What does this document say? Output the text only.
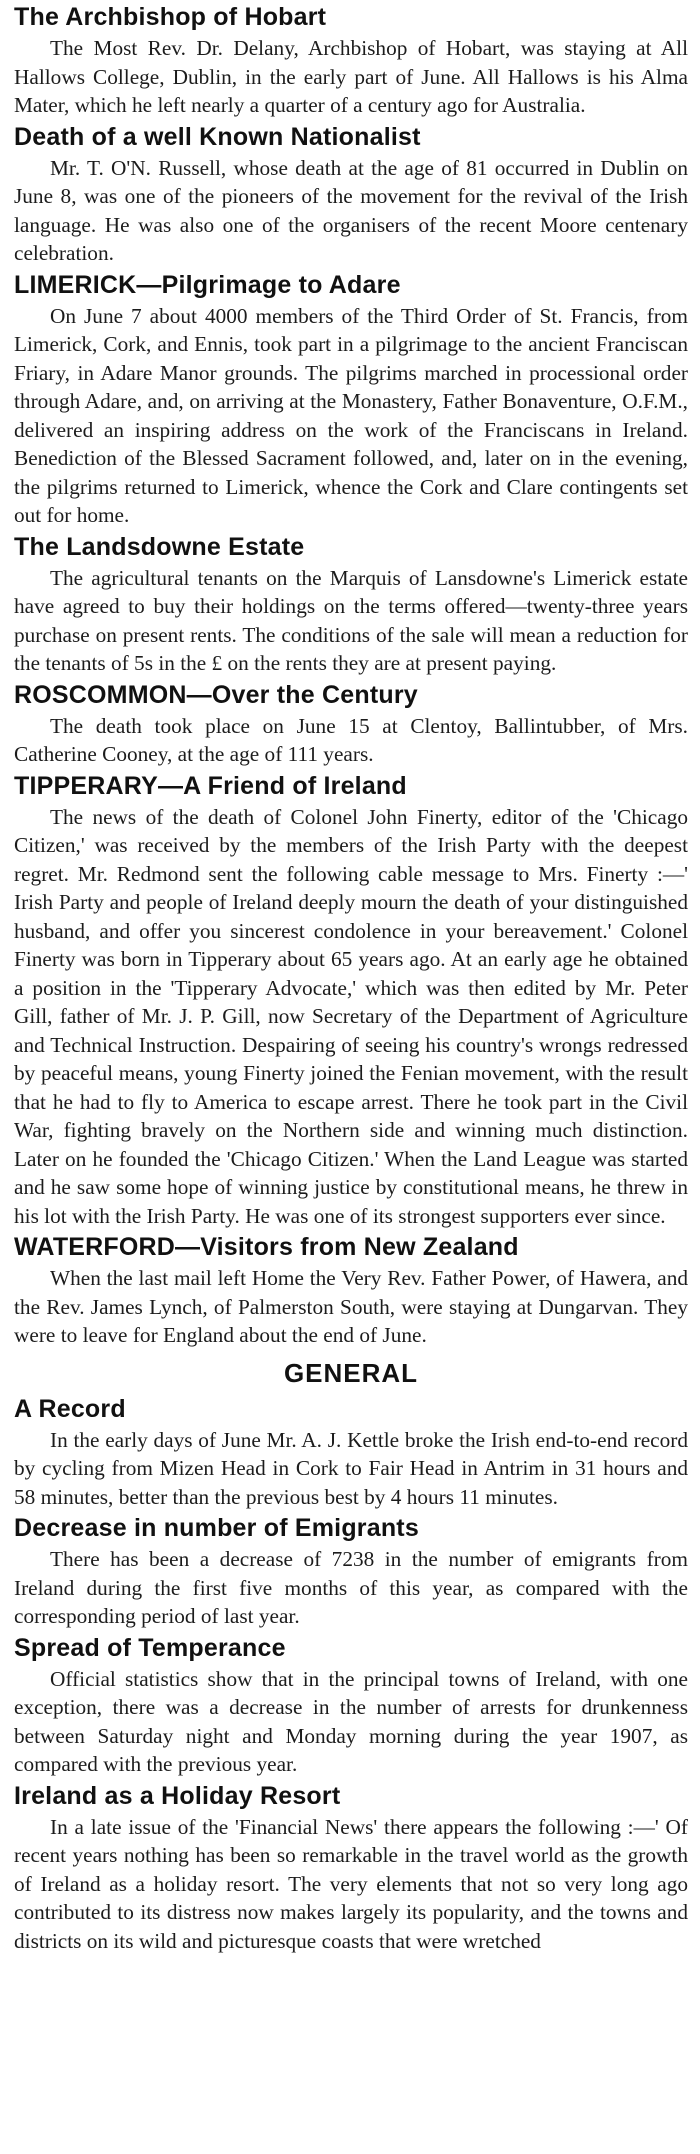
The Archbishop of Hobart

The Most Rev. Dr. Delany, Archbishop of Hobart, was staying at All Hallows College, Dublin, in the early part of June. All Hallows is his Alma Mater, which he left nearly a quarter of a century ago for Australia.

Death of a well Known Nationalist

Mr. T. O'N. Russell, whose death at the age of 81 occurred in Dublin on June 8, was one of the pioneers of the movement for the revival of the Irish language. He was also one of the organisers of the recent Moore centenary celebration.

LIMERICK—Pilgrimage to Adare

On June 7 about 4000 members of the Third Order of St. Francis, from Limerick, Cork, and Ennis, took part in a pilgrimage to the ancient Franciscan Friary, in Adare Manor grounds. The pilgrims marched in processional order through Adare, and, on arriving at the Monastery, Father Bonaventure, O.F.M., delivered an inspiring address on the work of the Franciscans in Ireland. Benediction of the Blessed Sacrament followed, and, later on in the evening, the pilgrims returned to Limerick, whence the Cork and Clare contingents set out for home.

The Landsdowne Estate

The agricultural tenants on the Marquis of Lansdowne's Limerick estate have agreed to buy their holdings on the terms offered—twenty-three years purchase on present rents. The conditions of the sale will mean a reduction for the tenants of 5s in the £ on the rents they are at present paying.

ROSCOMMON—Over the Century

The death took place on June 15 at Clentoy, Ballintubber, of Mrs. Catherine Cooney, at the age of 111 years.

TIPPERARY—A Friend of Ireland

The news of the death of Colonel John Finerty, editor of the 'Chicago Citizen,' was received by the members of the Irish Party with the deepest regret. Mr. Redmond sent the following cable message to Mrs. Finerty :—' Irish Party and people of Ireland deeply mourn the death of your distinguished husband, and offer you sincerest condolence in your bereavement.' Colonel Finerty was born in Tipperary about 65 years ago. At an early age he obtained a position in the 'Tipperary Advocate,' which was then edited by Mr. Peter Gill, father of Mr. J. P. Gill, now Secretary of the Department of Agriculture and Technical Instruction. Despairing of seeing his country's wrongs redressed by peaceful means, young Finerty joined the Fenian movement, with the result that he had to fly to America to escape arrest. There he took part in the Civil War, fighting bravely on the Northern side and winning much distinction. Later on he founded the 'Chicago Citizen.' When the Land League was started and he saw some hope of winning justice by constitutional means, he threw in his lot with the Irish Party. He was one of its strongest supporters ever since.

WATERFORD—Visitors from New Zealand

When the last mail left Home the Very Rev. Father Power, of Hawera, and the Rev. James Lynch, of Palmerston South, were staying at Dungarvan. They were to leave for England about the end of June.

GENERAL
A Record

In the early days of June Mr. A. J. Kettle broke the Irish end-to-end record by cycling from Mizen Head in Cork to Fair Head in Antrim in 31 hours and 58 minutes, better than the previous best by 4 hours 11 minutes.

Decrease in number of Emigrants

There has been a decrease of 7238 in the number of emigrants from Ireland during the first five months of this year, as compared with the corresponding period of last year.

Spread of Temperance

Official statistics show that in the principal towns of Ireland, with one exception, there was a decrease in the number of arrests for drunkenness between Saturday night and Monday morning during the year 1907, as compared with the previous year.

Ireland as a Holiday Resort

In a late issue of the 'Financial News' there appears the following :—' Of recent years nothing has been so remarkable in the travel world as the growth of Ireland as a holiday resort. The very elements that not so very long ago contributed to its distress now makes largely its popularity, and the towns and districts on its wild and picturesque coasts that were wretched
